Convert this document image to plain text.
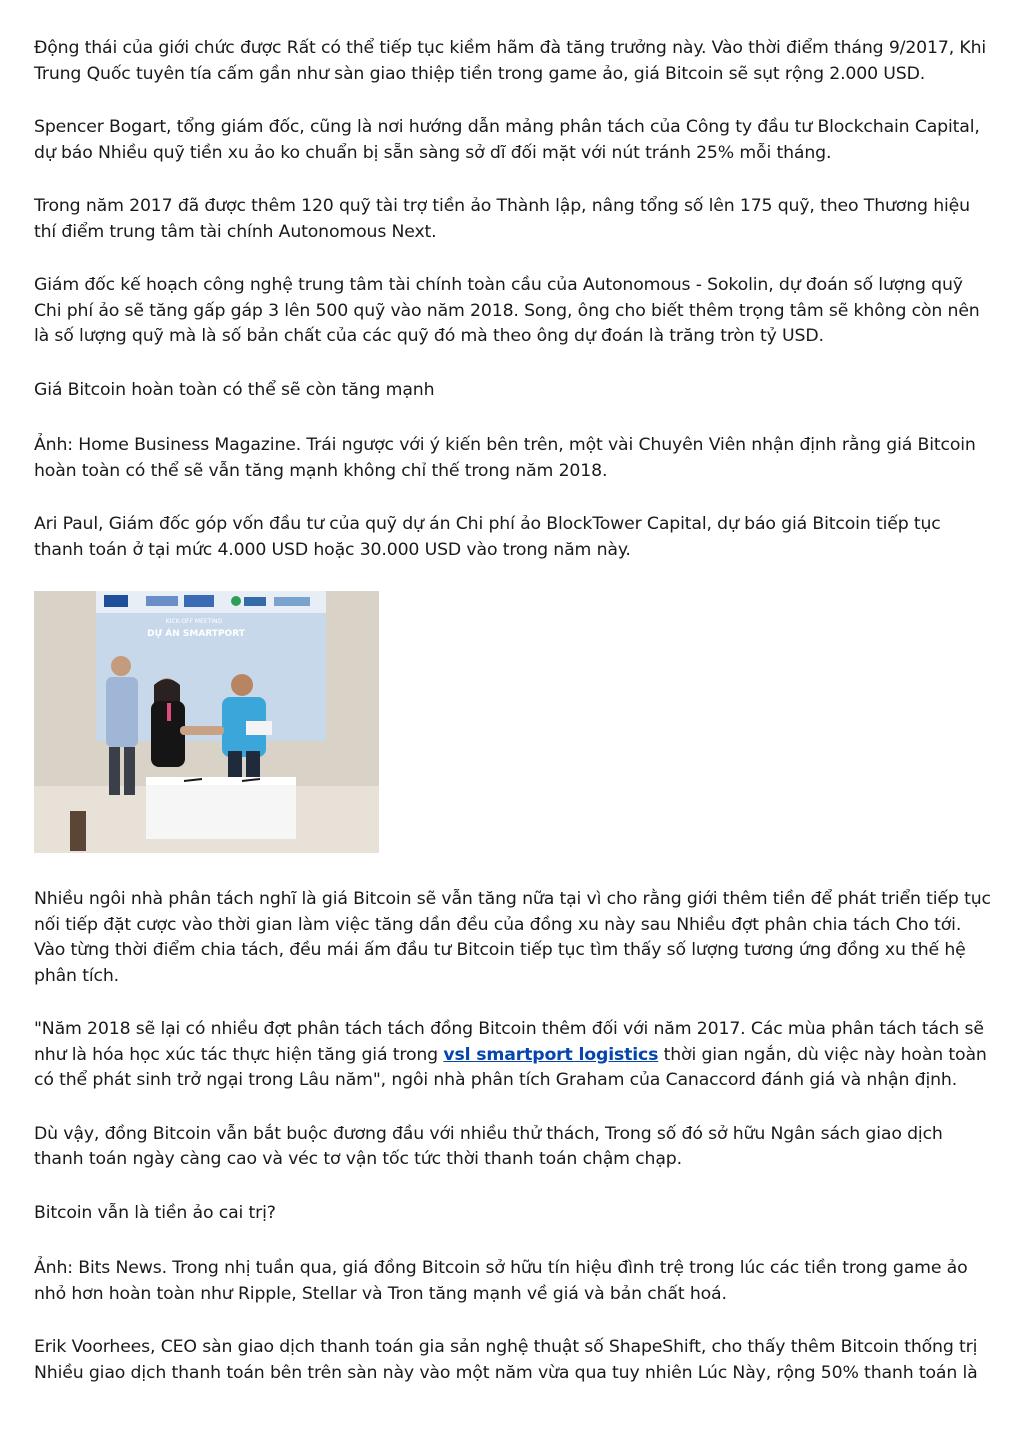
Động thái của giới chức được Rất có thể tiếp tục kiềm hãm đà tăng trưởng này. Vào thời điểm tháng 9/2017, Khi Trung Quốc tuyên tía cấm gần như sàn giao thiệp tiền trong game ảo, giá Bitcoin sẽ sụt rộng 2.000 USD.

Spencer Bogart, tổng giám đốc, cũng là nơi hướng dẫn mảng phân tách của Công ty đầu tư Blockchain Capital, dự báo Nhiều quỹ tiền xu ảo ko chuẩn bị sẵn sàng sở dĩ đối mặt với nút tránh 25% mỗi tháng.

Trong năm 2017 đã được thêm 120 quỹ tài trợ tiền ảo Thành lập, nâng tổng số lên 175 quỹ, theo Thương hiệu thí điểm trung tâm tài chính Autonomous Next.

Giám đốc kế hoạch công nghệ trung tâm tài chính toàn cầu của Autonomous - Sokolin, dự đoán số lượng quỹ Chi phí ảo sẽ tăng gấp gáp 3 lên 500 quỹ vào năm 2018. Song, ông cho biết thêm trọng tâm sẽ không còn nên là số lượng quỹ mà là số bản chất của các quỹ đó mà theo ông dự đoán là trăng tròn tỷ USD.

Giá Bitcoin hoàn toàn có thể sẽ còn tăng mạnh

Ảnh: Home Business Magazine. Trái ngược với ý kiến bên trên, một vài Chuyên Viên nhận định rằng giá Bitcoin hoàn toàn có thể sẽ vẫn tăng mạnh không chỉ thế trong năm 2018.

Ari Paul, Giám đốc góp vốn đầu tư của quỹ dự án Chi phí ảo BlockTower Capital, dự báo giá Bitcoin tiếp tục thanh toán ở tại mức 4.000 USD hoặc 30.000 USD vào trong năm này.

KICK-OFF MEETING
DỰ ÁN SMARTPORT

Nhiều ngôi nhà phân tách nghĩ là giá Bitcoin sẽ vẫn tăng nữa tại vì cho rằng giới thêm tiền để phát triển tiếp tục nối tiếp đặt cược vào thời gian làm việc tăng dần đều của đồng xu này sau Nhiều đợt phân chia tách Cho tới. Vào từng thời điểm chia tách, đều mái ấm đầu tư Bitcoin tiếp tục tìm thấy số lượng tương ứng đồng xu thế hệ phân tích.

"Năm 2018 sẽ lại có nhiều đợt phân tách tách đồng Bitcoin thêm đối với năm 2017. Các mùa phân tách tách sẽ như là hóa học xúc tác thực hiện tăng giá trong vsl smartport logistics thời gian ngắn, dù việc này hoàn toàn có thể phát sinh trở ngại trong Lâu năm", ngôi nhà phân tích Graham của Canaccord đánh giá và nhận định.

Dù vậy, đồng Bitcoin vẫn bắt buộc đương đầu với nhiều thử thách, Trong số đó sở hữu Ngân sách giao dịch thanh toán ngày càng cao và véc tơ vận tốc tức thời thanh toán chậm chạp.

Bitcoin vẫn là tiền ảo cai trị?

Ảnh: Bits News. Trong nhị tuần qua, giá đồng Bitcoin sở hữu tín hiệu đình trệ trong lúc các tiền trong game ảo nhỏ hơn hoàn toàn như Ripple, Stellar và Tron tăng mạnh về giá và bản chất hoá.

Erik Voorhees, CEO sàn giao dịch thanh toán gia sản nghệ thuật số ShapeShift, cho thấy thêm Bitcoin thống trị Nhiều giao dịch thanh toán bên trên sàn này vào một năm vừa qua tuy nhiên Lúc Này, rộng 50% thanh toán là
